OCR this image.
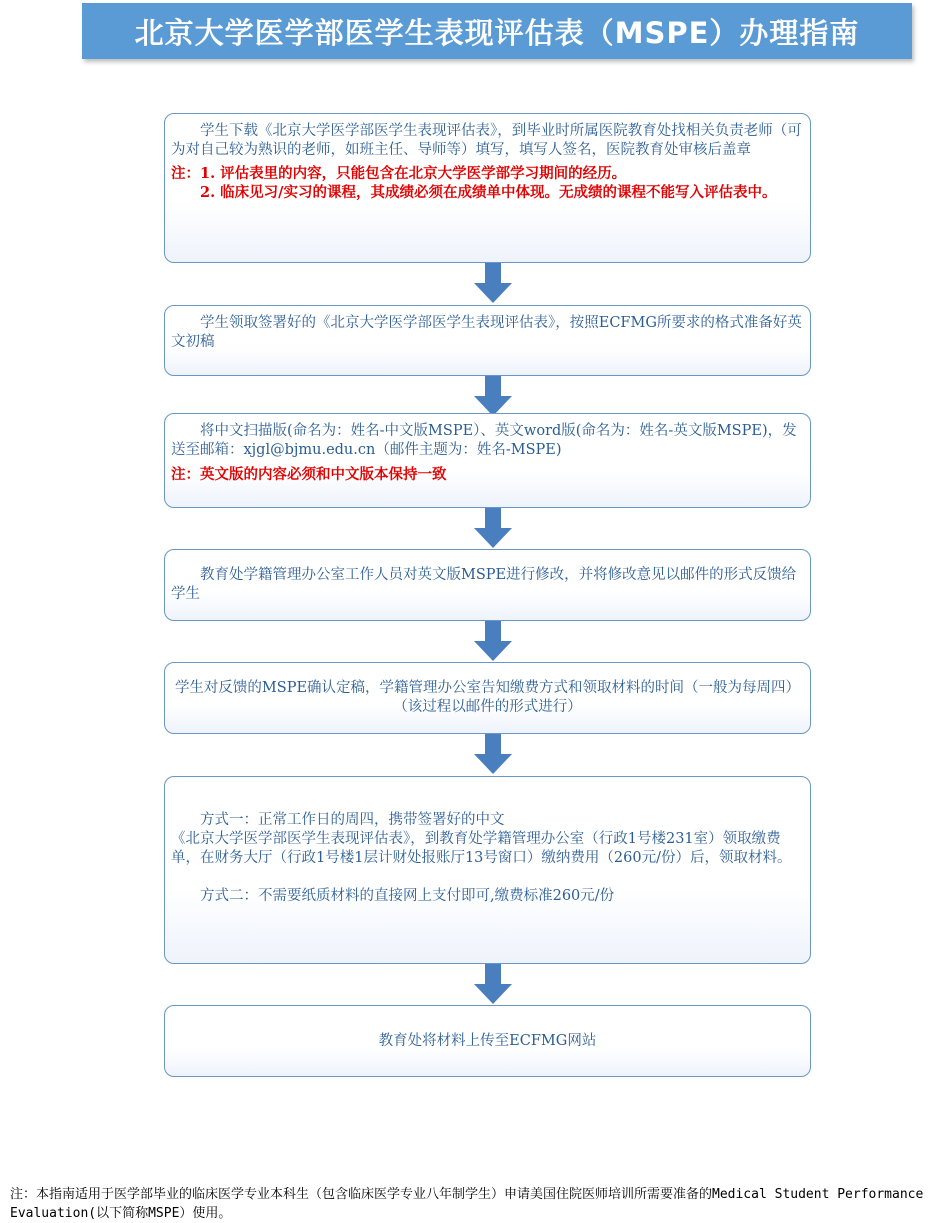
北京大学医学部医学生表现评估表（MSPE）办理指南

学生下载《北京大学医学部医学生表现评估表》，到毕业时所属医院教育处找相关负责老师（可为对自己较为熟识的老师，如班主任、导师等）填写，填写人签名，医院教育处审核后盖章

注：1. 评估表里的内容，只能包含在北京大学医学部学习期间的经历。

2. 临床见习/实习的课程，其成绩必须在成绩单中体现。无成绩的课程不能写入评估表中。

学生领取签署好的《北京大学医学部医学生表现评估表》，按照ECFMG所要求的格式准备好英文初稿

将中文扫描版(命名为：姓名-中文版MSPE）、英文word版(命名为：姓名-英文版MSPE)，发送至邮箱：xjgl@bjmu.edu.cn（邮件主题为：姓名-MSPE)

注：英文版的内容必须和中文版本保持一致

教育处学籍管理办公室工作人员对英文版MSPE进行修改，并将修改意见以邮件的形式反馈给学生

学生对反馈的MSPE确认定稿，学籍管理办公室告知缴费方式和领取材料的时间（一般为每周四）（该过程以邮件的形式进行）

方式一：正常工作日的周四，携带签署好的中文

《北京大学医学部医学生表现评估表》，到教育处学籍管理办公室（行政1号楼231室）领取缴费单，在财务大厅（行政1号楼1层计财处报账厅13号窗口）缴纳费用（260元/份）后，领取材料。

方式二：不需要纸质材料的直接网上支付即可,缴费标准260元/份

教育处将材料上传至ECFMG网站

注：本指南适用于医学部毕业的临床医学专业本科生（包含临床医学专业八年制学生）申请美国住院医师培训所需要准备的Medical Student Performance Evaluation(以下简称MSPE）使用。
